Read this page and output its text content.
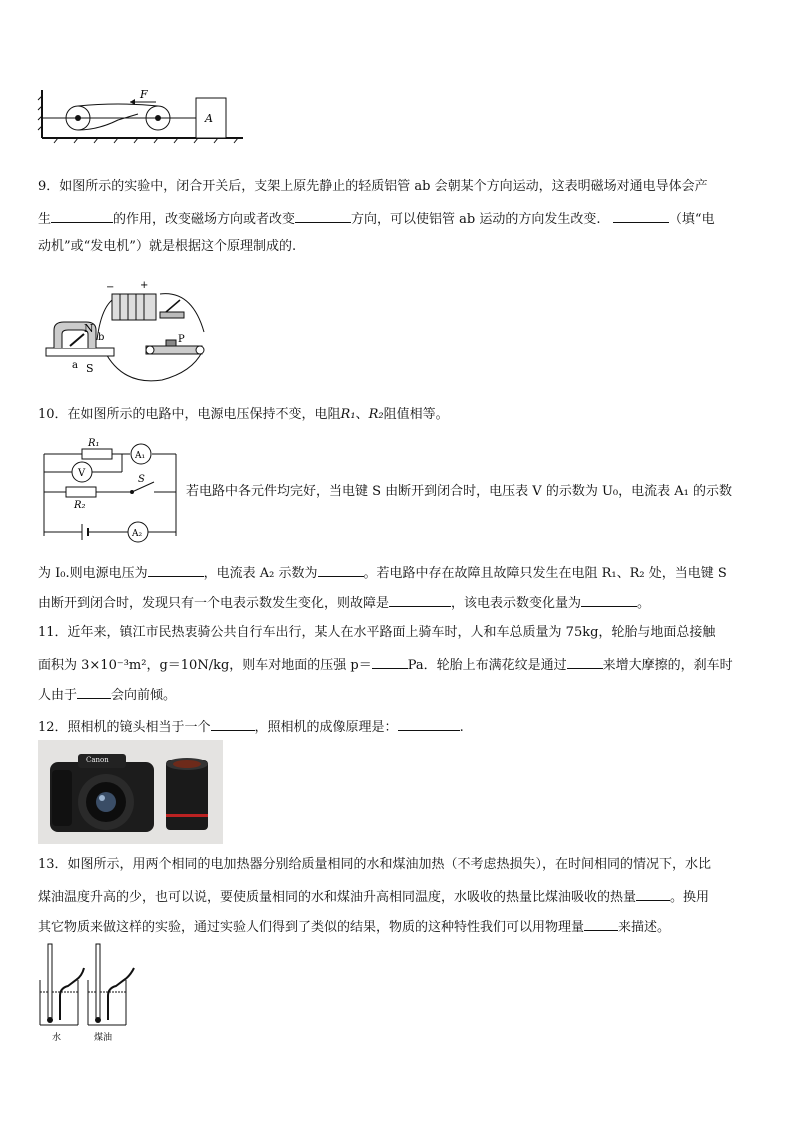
F
A
9．如图所示的实验中，闭合开关后，支架上原先静止的轻质铝管 ab 会朝某个方向运动，这表明磁场对通电导体会产
生	的作用，改变磁场方向或者改变	方向，可以使铝管 ab 运动的方向发生改变.	（填“电
动机”或“发电机”）就是根据这个原理制成的.
−	+
N
b
a S
P
10．在如图所示的电路中，电源电压保持不变，电阻R₁、R₂阻值相等。
R₁
A₁
V
R₂
S
A₂
若电路中各元件均完好，当电键 S 由断开到闭合时，电压表 V 的示数为 U₀，电流表 A₁ 的示数
为 I₀.则电源电压为	，电流表 A₂ 示数为	。若电路中存在故障且故障只发生在电阻 R₁、R₂ 处，当电键 S
由断开到闭合时，发现只有一个电表示数发生变化，则故障是	，该电表示数变化量为	。
11．近年来，镇江市民热衷骑公共自行车出行，某人在水平路面上骑车时，人和车总质量为 75kg，轮胎与地面总接触
面积为 3×10⁻³m²，g＝10N/kg，则车对地面的压强 p＝	Pa．轮胎上布满花纹是通过	来增大摩擦的，刹车时
人由于	会向前倾。
12．照相机的镜头相当于一个	，照相机的成像原理是：	.
Canon
13．如图所示，用两个相同的电加热器分别给质量相同的水和煤油加热（不考虑热损失），在时间相同的情况下，水比
煤油温度升高的少，也可以说，要使质量相同的水和煤油升高相同温度，水吸收的热量比煤油吸收的热量	。换用
其它物质来做这样的实验，通过实验人们得到了类似的结果，物质的这种特性我们可以用物理量	来描述。
水	煤油
